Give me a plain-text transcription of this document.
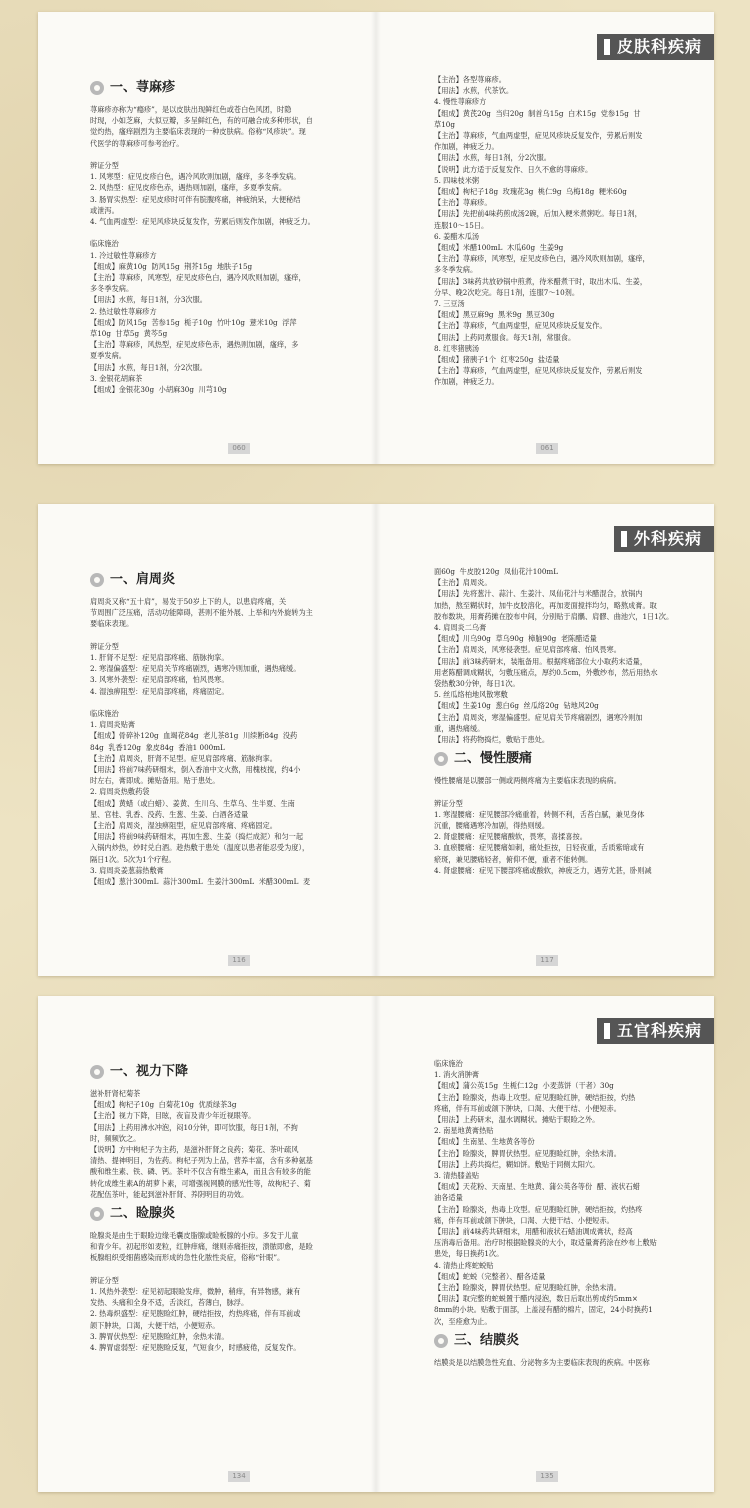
皮肤科疾病
一、荨麻疹
荨麻疹亦称为“瘾疹”，是以皮肤出现鲜红色或苍白色风团，时隐
时现，小如芝麻，大似豆瓣，多呈鲜红色，有的可融合成多种形状，自
觉灼热，瘙痒剧烈为主要临床表现的一种皮肤病。俗称“风疹块”。现
代医学的荨麻疹可参考治疗。

辨证分型
1. 风寒型：症见皮疹白色，遇冷风吹则加剧，瘙痒，多冬季发病。
2. 风热型：症见皮疹色赤，遇热则加剧，瘙痒，多夏季发病。
3. 肠胃实热型：症见皮疹时可伴有脘腹疼痛，神疲纳呆，大便秘结
或泄泻。
4. 气血两虚型：症见风疹块反复发作，劳累后则发作加剧，神疲乏力。

临床施治
1. 冷过敏性荨麻疹方
【组成】麻黄10g  防风15g  荆芥15g  地肤子15g
【主治】荨麻疹，风寒型，症见皮疹色白，遇冷风吹则加剧，瘙痒，
多冬季发病。
【用法】水煎，每日1剂，分3次服。
2. 热过敏性荨麻疹方
【组成】防风15g  苦参15g  栀子10g  竹叶10g  薏米10g  浮萍
草10g  甘草5g  黄芩5g
【主治】荨麻疹，风热型，症见皮疹色赤，遇热则加剧，瘙痒，多
夏季发病。
【用法】水煎，每日1剂，分2次服。
3. 金银花胡麻茶
【组成】金银花30g  小胡麻30g  川芎10g
【主治】各型荨麻疹。
【用法】水煎，代茶饮。
4. 慢性荨麻疹方
【组成】黄芪20g  当归20g  制首乌15g  白术15g  党参15g  甘
草10g
【主治】荨麻疹，气血两虚型，症见风疹块反复发作，劳累后则发
作加剧，神疲乏力。
【用法】水煎，每日1剂，分2次服。
【说明】此方适于反复发作、日久不愈的荨麻疹。
5. 四味枝米粥
【组成】枸杞子18g  玫瑰花3g  桃仁9g  乌梅18g  粳米60g
【主治】荨麻疹。
【用法】先把前4味药煎成汤2碗，后加入粳米煮粥吃。每日1剂，
连服10～15日。
6. 姜醋木瓜汤
【组成】米醋100mL  木瓜60g  生姜9g
【主治】荨麻疹，风寒型，症见皮疹色白，遇冷风吹则加剧，瘙痒，
多冬季发病。
【用法】3味药共放砂锅中煎煮，待米醋煮干时，取出木瓜、生姜，
分早、晚2次吃完。每日1剂，连服7～10剂。
7. 三豆汤
【组成】黑豆麻9g  黑米9g  黑豆30g
【主治】荨麻疹，气血两虚型，症见风疹块反复发作。
【用法】上药同煮服食。每天1剂，常服食。
8. 红枣猪胰汤
【组成】猪胰子1个  红枣250g  盐适量
【主治】荨麻疹，气血两虚型，症见风疹块反复发作，劳累后则发
作加剧，神疲乏力。
060	061
外科疾病
一、肩周炎
肩周炎又称“五十肩”，易发于50岁上下的人，以患肩疼痛，关
节周围广泛压痛，活动功能障碍，甚则不能外展、上举和内外旋转为主
要临床表现。

辨证分型
1. 肝肾不足型：症见肩部疼痛、筋脉拘挛。
2. 寒湿偏盛型：症见肩关节疼痛剧烈，遇寒冷则加重，遇热痛缓。
3. 风寒外袭型：症见肩部疼痛，怕风畏寒。
4. 湿浊痹阻型：症见肩部疼痛，疼痛固定。

临床施治
1. 肩周炎贴膏
【组成】骨碎补120g  血竭花84g  老儿茶81g  川续断84g  没药
84g  乳香120g  象皮84g  香油1 000mL
【主治】肩周炎，肝肾不足型。症见肩部疼痛、筋脉拘挛。
【用法】将前7味药研细末，倒入香油中文火熬，用槐枝搅，约4小
时左右，膏即成。摊贴备用。贴于患处。
2. 肩周炎热敷药袋
【组成】黄蜡（或白蜡）、姜黄、生川乌、生草乌、生半夏、生南
星、官桂、乳香、没药、生葱、生姜、白酒各适量
【主治】肩周炎，湿浊痹阻型，症见肩部疼痛、疼痛固定。
【用法】将前9味药研细末，再加生葱、生姜（捣烂成泥）和匀一起
入锅内炒热，炒时兑白酒。趁热敷于患处（温度以患者能忍受为度），
隔日1次。5次为1个疗程。
3. 肩周炎姜葱蒜热敷膏
【组成】葱汁300mL  蒜汁300mL  生姜汁300mL  米醋300mL  麦
面60g  牛皮胶120g  凤仙花汁100mL
【主治】肩周炎。
【用法】先将葱汁、蒜汁、生姜汁、凤仙花汁与米醋混合，放锅内
加热，熬至糊状时，加牛皮胶溶化，再加麦面搅拌均匀，略熬成膏。取
胶布数块，用膏药摊在胶布中间，分别贴于肩髃、肩髎、曲池穴，1日1次。
4. 肩周炎二乌膏
【组成】川乌90g  草乌90g  樟脑90g  老陈醋适量
【主治】肩周炎，风寒侵袭型。症见肩部疼痛、怕风畏寒。
【用法】前3味药研末，装瓶备用。根据疼痛部位大小取药末适量，
用老陈醋调成糊状，匀敷压痛点，厚约0.5cm，外敷纱布，然后用热水
袋热敷30分钟，每日1次。
5. 丝瓜络柏地风散寒敷
【组成】生姜10g  葱白6g  丝瓜络20g  钻地风20g
【主治】肩周炎，寒湿偏盛型。症见肩关节疼痛剧烈，遇寒冷则加
重，遇热痛缓。
【用法】将药物捣烂，敷贴于患处。
二、慢性腰痛
慢性腰痛是以腰部一侧或两侧疼痛为主要临床表现的病病。

辨证分型
1. 寒湿腰痛：症见腰部冷痛重着，转侧不利，舌苔白腻，兼见身体
沉重，腰痛遇寒冷加剧，得热则缓。
2. 肾虚腰痛：症见腰痛酸软，畏寒，喜揉喜按。
3. 血瘀腰痛：症见腰痛如刺，痛处拒按，日轻夜重，舌质紫暗或有
瘀斑，兼见腰痛轻者，俯仰不便，重者不能转侧。
4. 肾虚腰痛：症见下腰部疼痛或酸软，神疲乏力，遇劳尤甚，卧则减
116	117
五官科疾病
一、视力下降
滋补肝肾杞菊茶
【组成】枸杞子10g  白菊花10g  优质绿茶3g
【主治】视力下降，目眩，夜盲及青少年近视眼等。
【用法】上药用沸水冲泡，闷10分钟，即可饮服，每日1剂，不拘
时，频频饮之。
【说明】方中枸杞子为主药，是滋补肝肾之良药；菊花、茶叶疏风
清热、提神明目，为佐药。枸杞子列为上品，营养丰富，含有多种氨基
酸和维生素、铁、磷、钙。茶叶不仅含有维生素A，而且含有较多的能
转化成维生素A的胡萝卜素，可增强视网膜的感光性等，故枸杞子、菊
花配伍茶叶，能起到滋补肝肾、养阴明目的功效。
二、睑腺炎
睑腺炎是由生于眼睑边缘毛囊皮脂腺或睑板腺的小疖。多发于儿童
和青少年。初起形如麦粒，红肿痒痛，继则赤痛拒按，溃脓即愈，是睑
板腺组织受细菌感染而形成的急性化脓性炎症，俗称“针眼”。

辨证分型
1. 风热外袭型：症见初起眼睑发痒，微肿，稍痒，有异物感，兼有
发热、头痛和全身不适，舌淡红，苔薄白，脉浮。
2. 热毒炽盛型：症见胞睑红肿，硬结拒按，灼热疼痛，伴有耳前或
颌下肿块，口渴，大便干结，小便短赤。
3. 脾胃伏热型：症见胞睑红肿，余热未清。
4. 脾胃虚弱型：症见胞睑反复，气短食少，时感疲倦，反复发作。
临床施治
1. 消火消肿膏
【组成】蒲公英15g  生栀仁12g  小麦蒸饼（干者）30g
【主治】睑腺炎，热毒上攻型。症见胞睑红肿，硬结拒按，灼热
疼痛，伴有耳前或颌下肿块，口渴、大便干结、小便短赤。
【用法】上药研末，温水调糊状。摊贴于眼睑之外。
2. 南星地黄膏热贴
【组成】生南星、生地黄各等份
【主治】睑腺炎，脾胃伏热型。症见胞睑红肿，余热未清。
【用法】上药共捣烂，糊如饼。敷贴于同侧太阳穴。
3. 清热膝盖贴
【组成】天花粉、天南星、生地黄、蒲公英各等份  醋、液状石蜡
油各适量
【主治】睑腺炎，热毒上攻型。症见胞睑红肿，硬结拒按，灼热疼
痛，伴有耳前或颌下肿块，口渴、大便干结、小便短赤。
【用法】前4味药共研细末，用醋和液状石蜡油调成膏状，经高
压消毒后备用。治疗时根据睑腺炎的大小，取适量膏药涂在纱布上敷贴
患处，每日换药1次。
4. 清热止疼蛇蜕贴
【组成】蛇蜕（完整者）、醋各适量
【主治】睑腺炎，脾胃伏热型。症见胞睑红肿，余热未清。
【用法】取完整的蛇蜕置于醋内浸泡，数日后取出剪成约5mm×
8mm的小块。贴敷于面部，上盖浸有醋的棉片，固定，24小时换药1
次，至痊愈为止。
三、结膜炎
结膜炎是以结膜急性充血、分泌物多为主要临床表现的疾病。中医称
134	135
